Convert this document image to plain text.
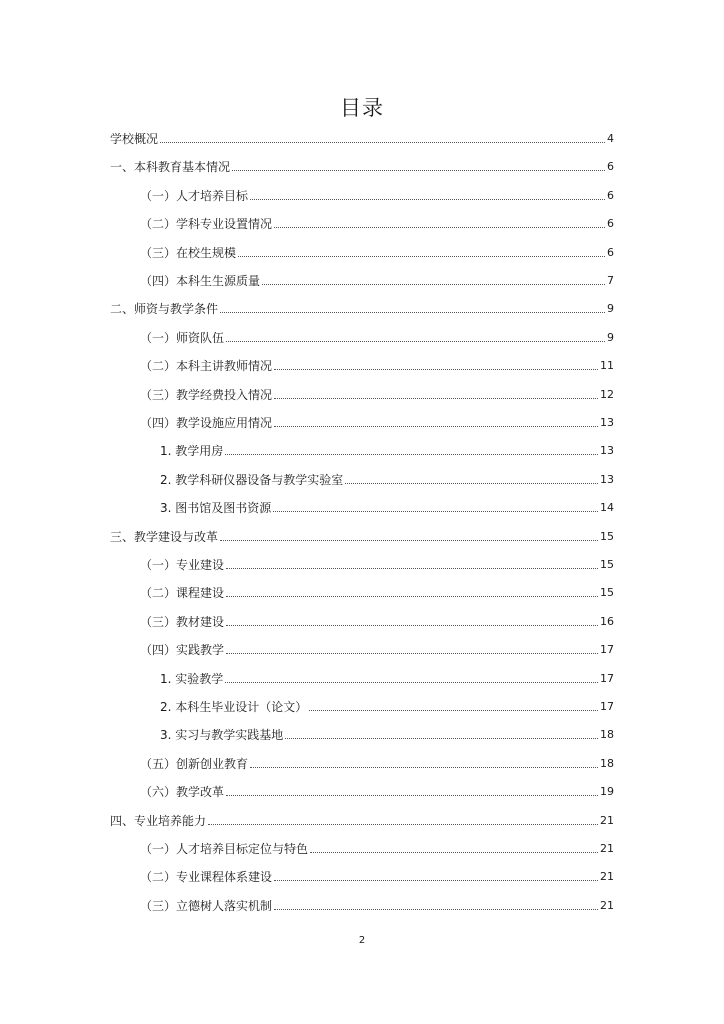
目录
学校概况	4
一、本科教育基本情况	6
（一）人才培养目标	6
（二）学科专业设置情况	6
（三）在校生规模	6
（四）本科生生源质量	7
二、师资与教学条件	9
（一）师资队伍	9
（二）本科主讲教师情况	11
（三）教学经费投入情况	12
（四）教学设施应用情况	13
1. 教学用房	13
2. 教学科研仪器设备与教学实验室	13
3. 图书馆及图书资源	14
三、教学建设与改革	15
（一）专业建设	15
（二）课程建设	15
（三）教材建设	16
（四）实践教学	17
1. 实验教学	17
2. 本科生毕业设计（论文）	17
3. 实习与教学实践基地	18
（五）创新创业教育	18
（六）教学改革	19
四、专业培养能力	21
（一）人才培养目标定位与特色	21
（二）专业课程体系建设	21
（三）立德树人落实机制	21
2
